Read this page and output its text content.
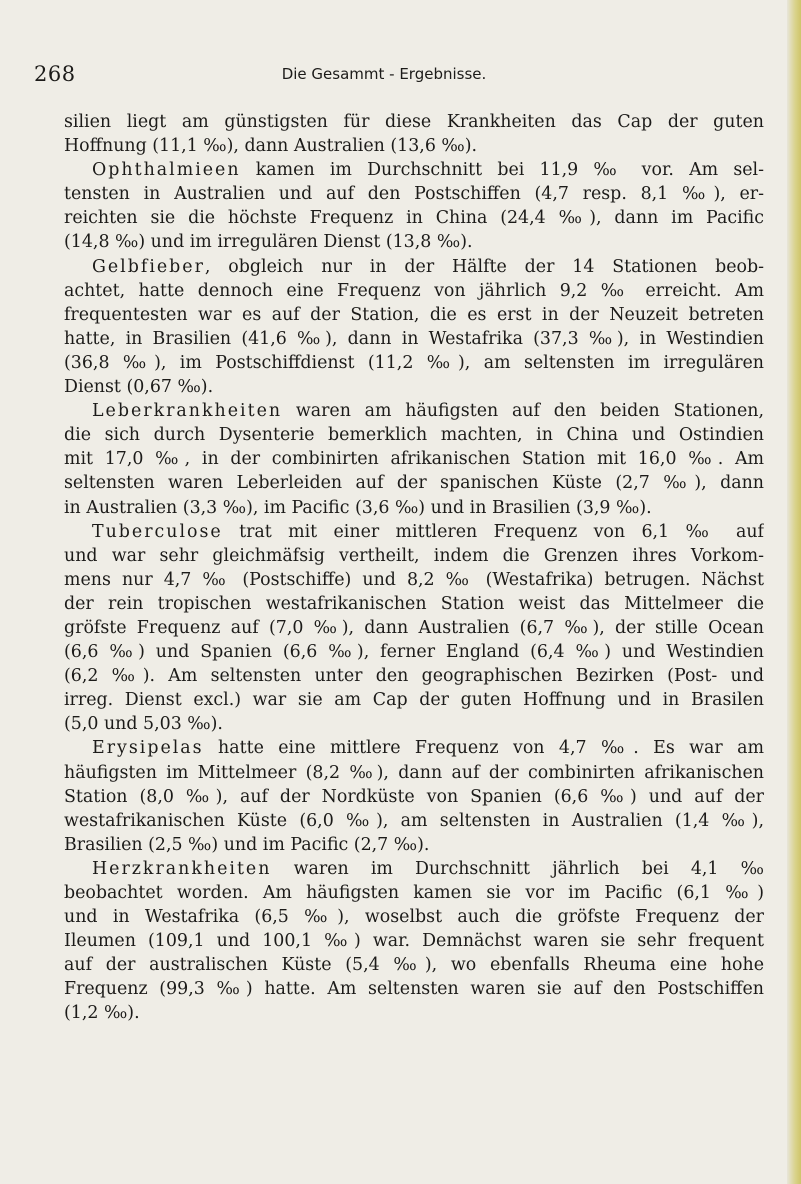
268	Die Gesammt - Ergebnisse.
silien liegt am günstigsten für diese Krankheiten das Cap der guten
Hoffnung (11,1 ‰), dann Australien (13,6 ‰).
Ophthalmieen kamen im Durchschnitt bei 11,9 ‰ vor. Am sel-
tensten in Australien und auf den Postschiffen (4,7 resp. 8,1 ‰), er-
reichten sie die höchste Frequenz in China (24,4 ‰), dann im Pacific
(14,8 ‰) und im irregulären Dienst (13,8 ‰).
Gelbfieber, obgleich nur in der Hälfte der 14 Stationen beob-
achtet, hatte dennoch eine Frequenz von jährlich 9,2 ‰ erreicht. Am
frequentesten war es auf der Station, die es erst in der Neuzeit betreten
hatte, in Brasilien (41,6 ‰), dann in Westafrika (37,3 ‰), in Westindien
(36,8 ‰), im Postschiffdienst (11,2 ‰), am seltensten im irregulären
Dienst (0,67 ‰).
Leberkrankheiten waren am häufigsten auf den beiden Stationen,
die sich durch Dysenterie bemerklich machten, in China und Ostindien
mit 17,0 ‰, in der combinirten afrikanischen Station mit 16,0 ‰. Am
seltensten waren Leberleiden auf der spanischen Küste (2,7 ‰), dann
in Australien (3,3 ‰), im Pacific (3,6 ‰) und in Brasilien (3,9 ‰).
Tuberculose trat mit einer mittleren Frequenz von 6,1 ‰ auf
und war sehr gleichmäfsig vertheilt, indem die Grenzen ihres Vorkom-
mens nur 4,7 ‰ (Postschiffe) und 8,2 ‰ (Westafrika) betrugen. Nächst
der rein tropischen westafrikanischen Station weist das Mittelmeer die
gröfste Frequenz auf (7,0 ‰), dann Australien (6,7 ‰), der stille Ocean
(6,6 ‰) und Spanien (6,6 ‰), ferner England (6,4 ‰) und Westindien
(6,2 ‰). Am seltensten unter den geographischen Bezirken (Post- und
irreg. Dienst excl.) war sie am Cap der guten Hoffnung und in Brasilen
(5,0 und 5,03 ‰).
Erysipelas hatte eine mittlere Frequenz von 4,7 ‰. Es war am
häufigsten im Mittelmeer (8,2 ‰), dann auf der combinirten afrikanischen
Station (8,0 ‰), auf der Nordküste von Spanien (6,6 ‰) und auf der
westafrikanischen Küste (6,0 ‰), am seltensten in Australien (1,4 ‰),
Brasilien (2,5 ‰) und im Pacific (2,7 ‰).
Herzkrankheiten waren im Durchschnitt jährlich bei 4,1 ‰
beobachtet worden. Am häufigsten kamen sie vor im Pacific (6,1 ‰)
und in Westafrika (6,5 ‰), woselbst auch die gröfste Frequenz der
Ileumen (109,1 und 100,1 ‰) war. Demnächst waren sie sehr frequent
auf der australischen Küste (5,4 ‰), wo ebenfalls Rheuma eine hohe
Frequenz (99,3 ‰) hatte. Am seltensten waren sie auf den Postschiffen
(1,2 ‰).
